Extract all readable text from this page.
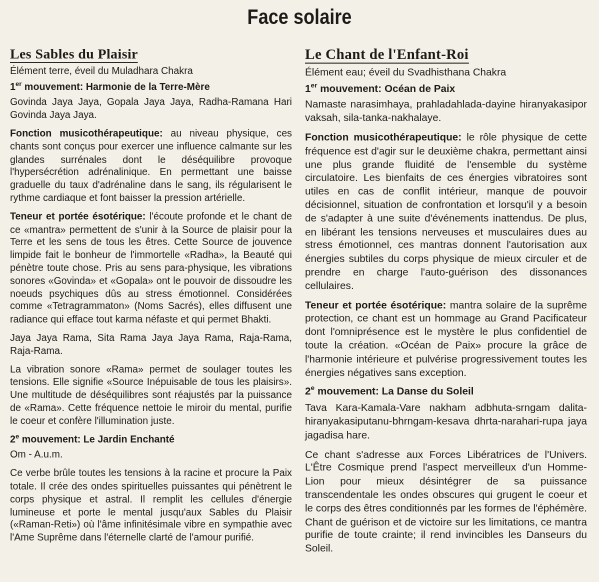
Face solaire
Les Sables du Plaisir
Élément terre, éveil du Muladhara Chakra
1er mouvement: Harmonie de la Terre-Mère
Govinda Jaya Jaya, Gopala Jaya Jaya, Radha-Ramana Hari Govinda Jaya Jaya.
Fonction musicothérapeutique: au niveau physique, ces chants sont conçus pour exercer une influence calmante sur les glandes surrénales dont le déséquilibre provoque l'hypersécrétion adrénalinique. En permettant une baisse graduelle du taux d'adrénaline dans le sang, ils régularisent le rythme cardiaque et font baisser la pression artérielle.
Teneur et portée ésotérique: l'écoute profonde et le chant de ce «mantra» permettent de s'unir à la Source de plaisir pour la Terre et les sens de tous les êtres. Cette Source de jouvence limpide fait le bonheur de l'immortelle «Radha», la Beauté qui pénètre toute chose. Pris au sens para-physique, les vibrations sonores «Govinda» et «Gopala» ont le pouvoir de dissoudre les noeuds psychiques dûs au stress émotionnel. Considérées comme «Tetragrammaton» (Noms Sacrés), elles diffusent une radiance qui efface tout karma néfaste et qui permet Bhakti.
Jaya Jaya Rama, Sita Rama Jaya Jaya Rama, Raja-Rama, Raja-Rama.
La vibration sonore «Rama» permet de soulager toutes les tensions. Elle signifie «Source Inépuisable de tous les plaisirs». Une multitude de déséquilibres sont réajustés par la puissance de «Rama». Cette fréquence nettoie le miroir du mental, purifie le coeur et confère l'illumination juste.
2e mouvement: Le Jardin Enchanté
Om - A.u.m.
Ce verbe brûle toutes les tensions à la racine et procure la Paix totale. Il crée des ondes spirituelles puissantes qui pénètrent le corps physique et astral. Il remplit les cellules d'énergie lumineuse et porte le mental jusqu'aux Sables du Plaisir («Raman-Reti») où l'âme infinitésimale vibre en sympathie avec l'Ame Suprême dans l'éternelle clarté de l'amour purifié.
Le Chant de l'Enfant-Roi
Élément eau; éveil du Svadhisthana Chakra
1er mouvement: Océan de Paix
Namaste narasimhaya, prahladahlada-dayine hiranyakasipor vaksah, sila-tanka-nakhalaye.
Fonction musicothérapeutique: le rôle physique de cette fréquence est d'agir sur le deuxième chakra, permettant ainsi une plus grande fluidité de l'ensemble du système circulatoire. Les bienfaits de ces énergies vibratoires sont utiles en cas de conflit intérieur, manque de pouvoir décisionnel, situation de confrontation et lorsqu'il y a besoin de s'adapter à une suite d'événements inattendus. De plus, en libérant les tensions nerveuses et musculaires dues au stress émotionnel, ces mantras donnent l'autorisation aux énergies subtiles du corps physique de mieux circuler et de prendre en charge l'auto-guérison des dissonances cellulaires.
Teneur et portée ésotérique: mantra solaire de la suprême protection, ce chant est un hommage au Grand Pacificateur dont l'omniprésence est le mystère le plus confidentiel de toute la création. «Océan de Paix» procure la grâce de l'harmonie intérieure et pulvérise progressivement toutes les énergies négatives sans exception.
2e mouvement: La Danse du Soleil
Tava Kara-Kamala-Vare nakham adbhuta-srngam dalita-hiranyakasiputanu-bhrngam-kesava dhrta-narahari-rupa jaya jagadisa hare.
Ce chant s'adresse aux Forces Libératrices de l'Univers. L'Être Cosmique prend l'aspect merveilleux d'un Homme-Lion pour mieux désintégrer de sa puissance transcendentale les ondes obscures qui grugent le coeur et le corps des êtres conditionnés par les formes de l'éphémère. Chant de guérison et de victoire sur les limitations, ce mantra purifie de toute crainte; il rend invincibles les Danseurs du Soleil.
